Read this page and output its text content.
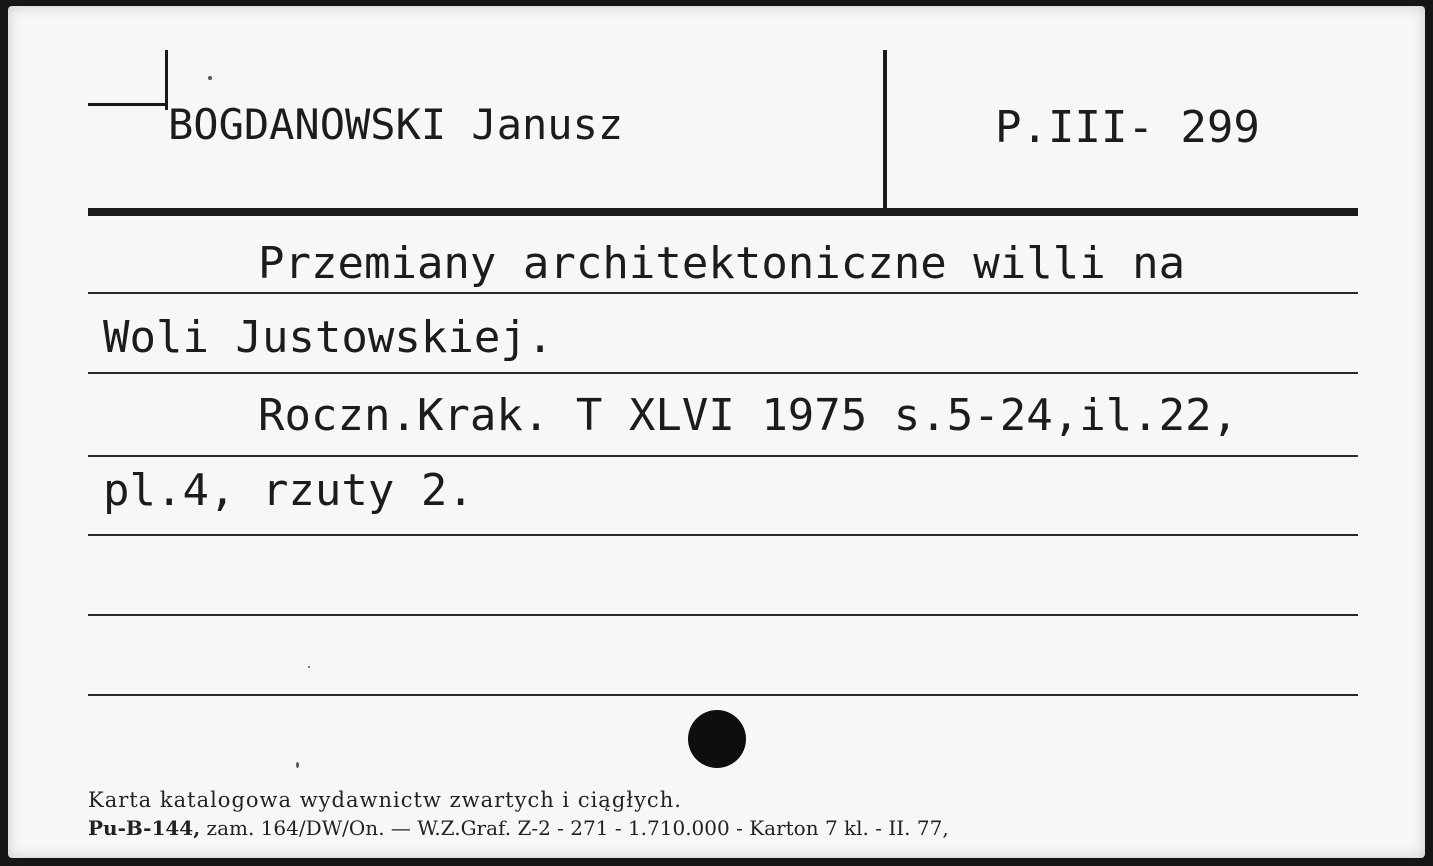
BOGDANOWSKI Janusz	P.III- 299
Przemiany architektoniczne willi na
Woli Justowskiej.
Roczn.Krak. T XLVI 1975 s.5-24,il.22,
pl.4, rzuty 2.
Karta katalogowa wydawnictw zwartych i ciągłych.
Pu-B-144, zam. 164/DW/On. — W.Z.Graf. Z-2 - 271 - 1.710.000 - Karton 7 kl. - II. 77,
